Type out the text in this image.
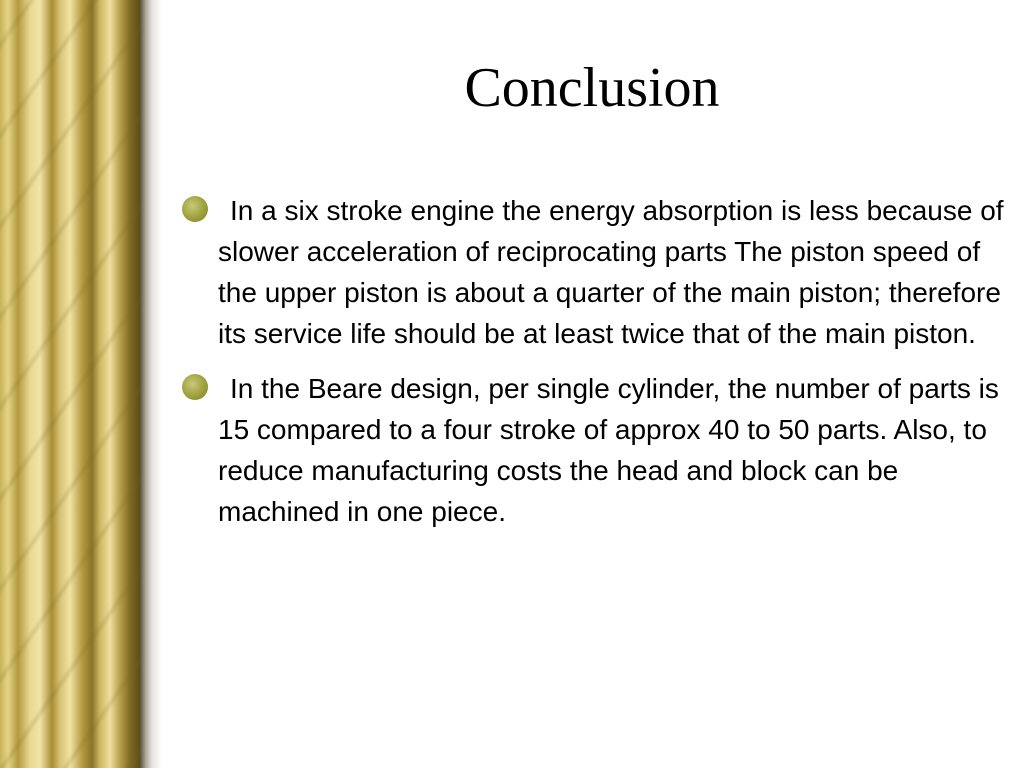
Conclusion
In a six stroke engine the energy absorption is less because of slower acceleration of reciprocating parts The piston speed of the upper piston is about a quarter of the main piston; therefore its service life should be at least twice that of the main piston.
In the Beare design, per single cylinder, the number of parts is 15 compared to a four stroke of approx 40 to 50 parts. Also, to reduce manufacturing costs the head and block can be machined in one piece.
